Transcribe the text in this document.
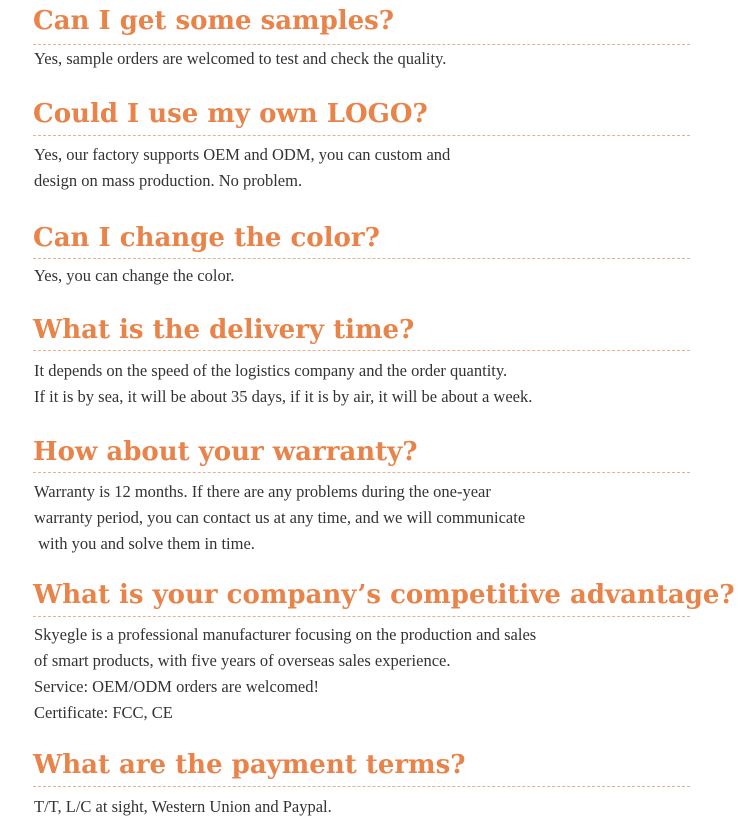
Can I get some samples?
Yes, sample orders are welcomed to test and check the quality.
Could I use my own LOGO?
Yes, our factory supports OEM and ODM, you can custom and
design on mass production. No problem.
Can I change the color?
Yes, you can change the color.
What is the delivery time?
It depends on the speed of the logistics company and the order quantity.
If it is by sea, it will be about 35 days, if it is by air, it will be about a week.
How about your warranty?
Warranty is 12 months. If there are any problems during the one-year
warranty period, you can contact us at any time, and we will communicate
with you and solve them in time.
What is your company’s competitive advantage?
Skyegle is a professional manufacturer focusing on the production and sales
of smart products, with five years of overseas sales experience.
Service: OEM/ODM orders are welcomed!
Certificate: FCC, CE
What are the payment terms?
T/T, L/C at sight, Western Union and Paypal.
